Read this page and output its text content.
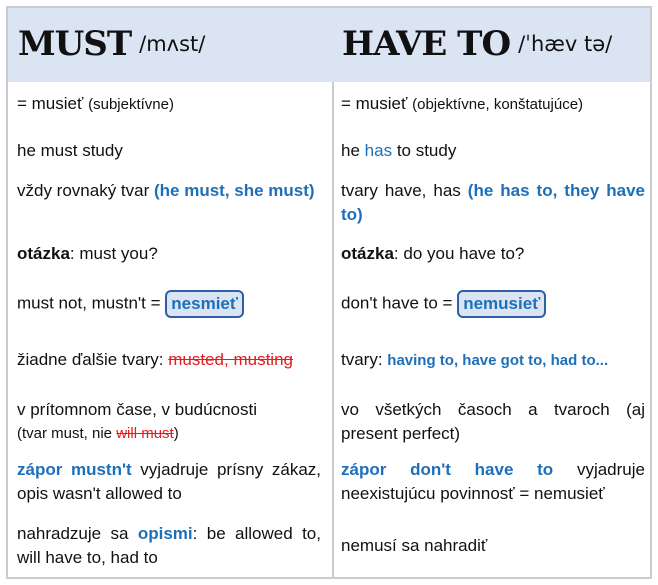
MUST /mʌst/	HAVE TO /ˈhæv tə/
= musieť (subjektívne)
he must study
vždy rovnaký tvar (he must, she must)
otázka: must you?
must not, mustn't = nesmieť
žiadne ďalšie tvary: musted, musting
v prítomnom čase, v budúcnosti
(tvar must, nie will must)
zápor mustn't vyjadruje prísny zákaz, opis wasn't allowed to
nahradzuje sa opismi: be allowed to, will have to, had to
= musieť (objektívne, konštatujúce)
he has to study
tvary have, has (he has to, they have to)
otázka: do you have to?
don't have to = nemusieť
tvary: having to, have got to, had to...
vo všetkých časoch a tvaroch (aj present perfect)
zápor don't have to vyjadruje neexistujúcu povinnosť = nemusieť
nemusí sa nahradiť
